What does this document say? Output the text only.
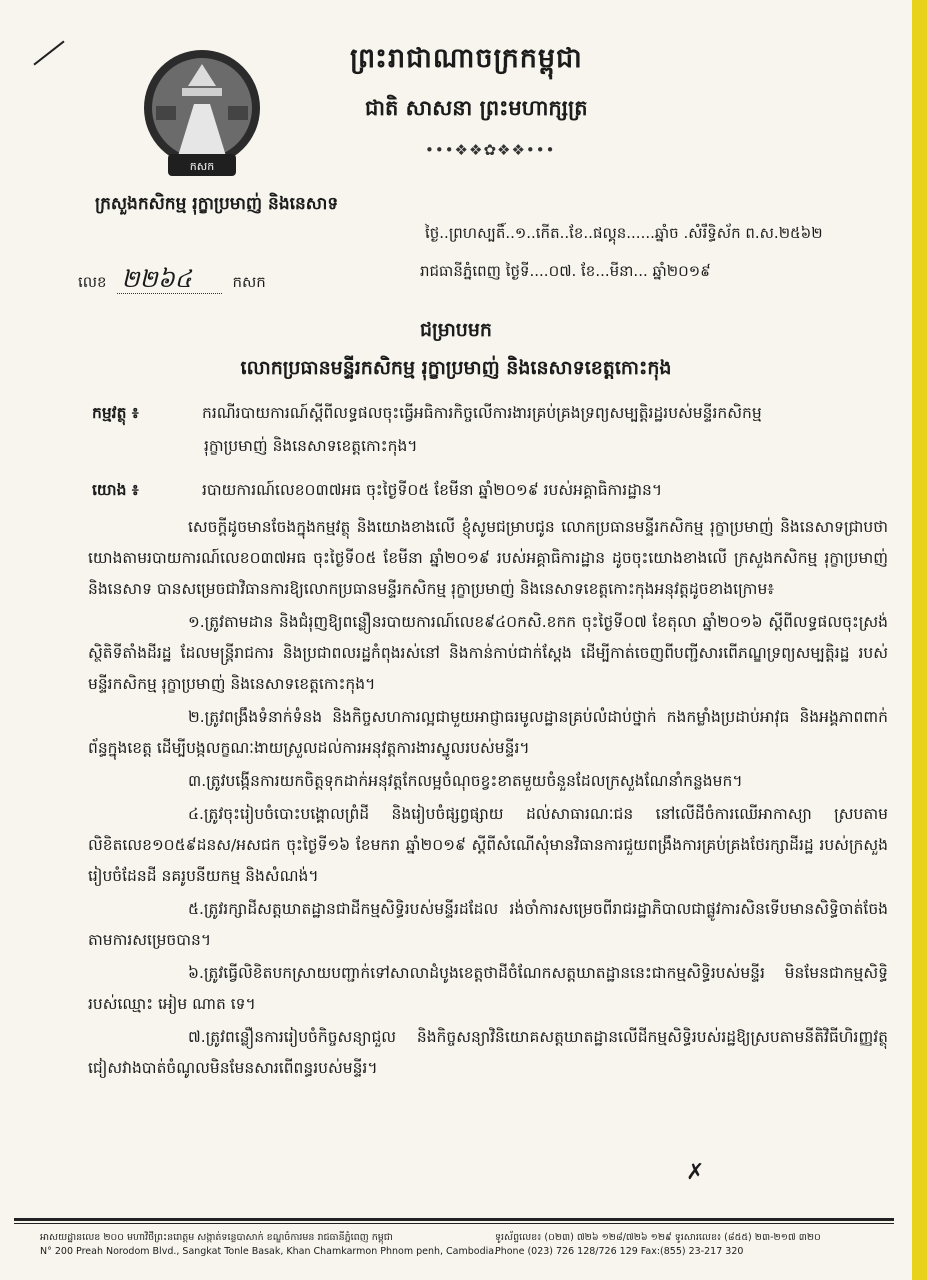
កសក
ក្រសួងកសិកម្ម រុក្ខាប្រមាញ់ និងនេសាទ
ព្រះរាជាណាចក្រកម្ពុជា
ជាតិ សាសនា ព្រះមហាក្សត្រ
•••❖❖✿❖❖•••
ថ្ងៃ..ព្រហស្បតិ៍..១..កើត..ខែ..ផល្គុន......ឆ្នាំច .សំរឹទ្ធិស័ក ព.ស.២៥៦២
រាជធានីភ្នំពេញ ថ្ងៃទី....០៧. ខែ...មីនា... ឆ្នាំ២០១៩
លេខ ២២៦៤	កសក
ជម្រាបមក
លោកប្រធានមន្ទីរកសិកម្ម រុក្ខាប្រមាញ់ និងនេសាទខេត្តកោះកុង
កម្មវត្ថុ ៖	ករណីរបាយការណ៍ស្តីពីលទ្ធផលចុះធ្វើអធិការកិច្ចលើការងារគ្រប់គ្រងទ្រព្យសម្បត្តិរដ្ឋរបស់មន្ទីរកសិកម្ម
រុក្ខាប្រមាញ់ និងនេសាទខេត្តកោះកុង។
យោង ៖	របាយការណ៍លេខ០៣៧អធ ចុះថ្ងៃទី០៥ ខែមីនា ឆ្នាំ២០១៩ របស់អគ្គាធិការដ្ឋាន។

សេចក្តីដូចមានចែងក្នុងកម្មវត្ថុ និងយោងខាងលើ ខ្ញុំសូមជម្រាបជូន លោកប្រធានមន្ទីរកសិកម្ម រុក្ខាប្រមាញ់ និងនេសាទជ្រាបថា យោងតាមរបាយការណ៍លេខ០៣៧អធ ចុះថ្ងៃទី០៥ ខែមីនា ឆ្នាំ២០១៩ របស់អគ្គាធិការដ្ឋាន ដូចចុះយោងខាងលើ ក្រសួងកសិកម្ម រុក្ខាប្រមាញ់ និងនេសាទ បានសម្រេចជាវិធានការឱ្យលោកប្រធានមន្ទីរកសិកម្ម រុក្ខាប្រមាញ់ និងនេសាទខេត្តកោះកុងអនុវត្តដូចខាងក្រោម៖

១.ត្រូវតាមដាន និងជំរុញឱ្យពន្លឿនរបាយការណ៍លេខ៩៤០កសិ.ខកក ចុះថ្ងៃទី០៧ ខែតុលា ឆ្នាំ២០១៦ ស្តីពីលទ្ធផលចុះស្រង់ស្ថិតិទីតាំងដីរដ្ឋ ដែលមន្ត្រីរាជការ និងប្រជាពលរដ្ឋកំពុងរស់នៅ និងកាន់កាប់ជាក់ស្តែង ដើម្បីកាត់ចេញពីបញ្ជីសារពើភណ្ឌទ្រព្យសម្បត្តិរដ្ឋ របស់មន្ទីរកសិកម្ម រុក្ខាប្រមាញ់ និងនេសាទខេត្តកោះកុង។

២.ត្រូវពង្រឹងទំនាក់ទំនង និងកិច្ចសហការល្អជាមួយអាជ្ញាធរមូលដ្ឋានគ្រប់លំដាប់ថ្នាក់ កងកម្លាំងប្រដាប់អាវុធ និងអង្គភាពពាក់ព័ន្ធក្នុងខេត្ត ដើម្បីបង្កលក្ខណៈងាយស្រួលដល់ការអនុវត្តការងារស្នូលរបស់មន្ទីរ។

៣.ត្រូវបង្កើនការយកចិត្តទុកដាក់អនុវត្តកែលម្អចំណុចខ្វះខាតមួយចំនួនដែលក្រសួងណែនាំកន្លងមក។

៤.ត្រូវចុះរៀបចំបោះបង្គោលព្រំដី និងរៀបចំផ្សព្វផ្សាយ ដល់សាធារណៈជន នៅលើដីចំការឈើអាកាស្យា ស្របតាមលិខិតលេខ១០៥៩ដនស/អសជក ចុះថ្ងៃទី១៦ ខែមករា ឆ្នាំ២០១៩ ស្តីពីសំណើសុំមានវិធានការជួយពង្រឹងការគ្រប់គ្រងថែរក្សាដីរដ្ឋ របស់ក្រសួងរៀបចំដែនដី នគរូបនីយកម្ម និងសំណង់។

៥.ត្រូវរក្សាដីសត្តឃាតដ្ឋានជាដីកម្មសិទ្ធិរបស់មន្ទីរដដែល រង់ចាំការសម្រេចពីរាជរដ្ឋាភិបាលជាផ្លូវការសិនទើបមានសិទ្ធិចាត់ចែងតាមការសម្រេចបាន។

៦.ត្រូវធ្វើលិខិតបកស្រាយបញ្ជាក់ទៅសាលាដំបូងខេត្តថាដីចំណែកសត្តឃាតដ្ឋាននេះជាកម្មសិទ្ធិរបស់មន្ទីរ មិនមែនជាកម្មសិទ្ធិរបស់ឈ្មោះ អៀម ណាត ទេ។

៧.ត្រូវពន្លឿនការរៀបចំកិច្ចសន្យាជួល និងកិច្ចសន្យាវិនិយោគសត្តឃាតដ្ឋានលើដីកម្មសិទ្ធិរបស់រដ្ឋឱ្យស្របតាមនីតិវិធីហិរញ្ញវត្ថុ ជៀសវាងបាត់ចំណូលមិនមែនសារពើពន្ធរបស់មន្ទីរ។

✗
អាសយដ្ឋានលេខ ២០០ មហាវិថីព្រះនរោត្តម សង្កាត់ទន្លេបាសាក់ ខណ្ឌចំការមន រាជធានីភ្នំពេញ កម្ពុជា
N° 200 Preah Norodom Blvd., Sangkat Tonle Basak, Khan Chamkarmon Phnom penh, Cambodia.
ទូរស័ព្ទលេខ៖ (០២៣) ៧២៦ ១២៨/៧២៦ ១២៩ ទូរសារលេខ៖ (៨៥៥) ២៣-២១៧ ៣២០
Phone (023) 726 128/726 129 Fax:(855) 23-217 320
